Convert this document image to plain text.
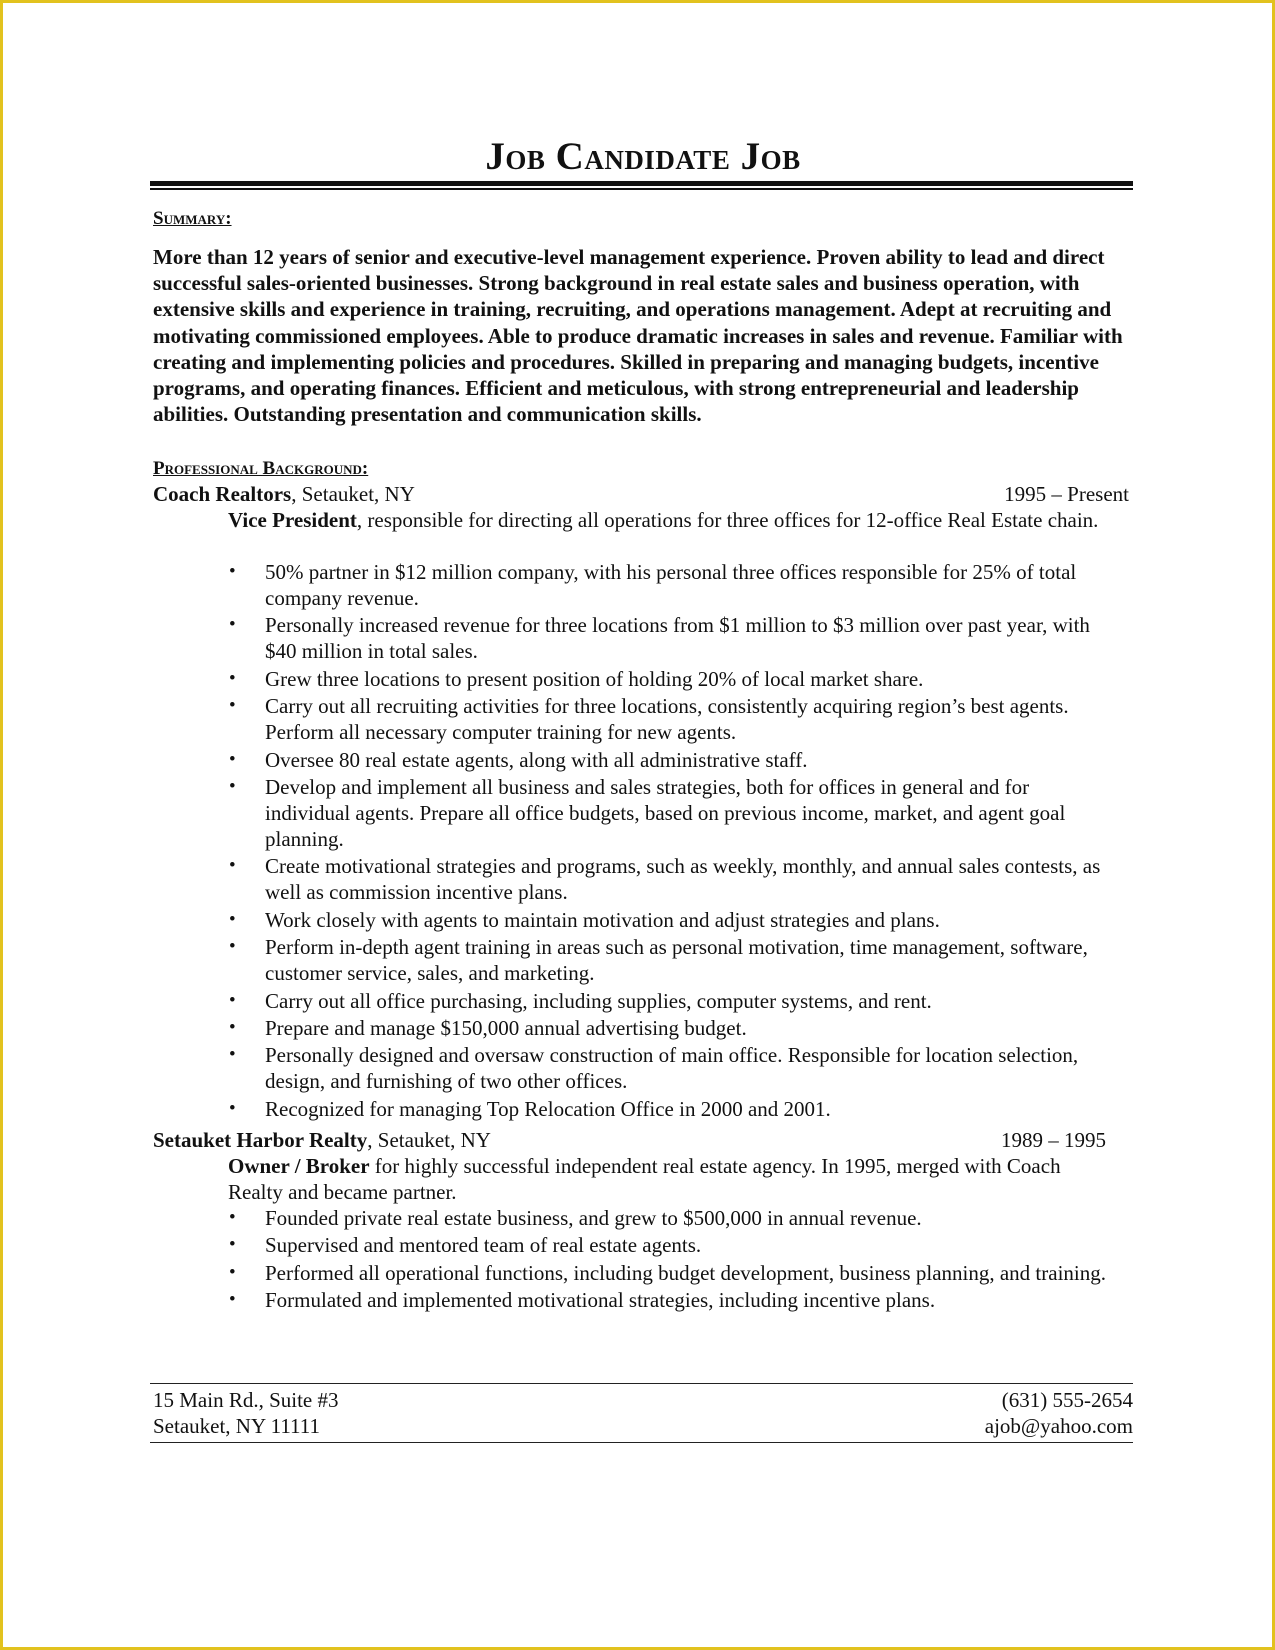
Job Candidate Job
Summary:
More than 12 years of senior and executive-level management experience. Proven ability to lead and direct successful sales-oriented businesses. Strong background in real estate sales and business operation, with extensive skills and experience in training, recruiting, and operations management. Adept at recruiting and motivating commissioned employees. Able to produce dramatic increases in sales and revenue. Familiar with creating and implementing policies and procedures. Skilled in preparing and managing budgets, incentive programs, and operating finances. Efficient and meticulous, with strong entrepreneurial and leadership abilities. Outstanding presentation and communication skills.
Professional Background:
Coach Realtors, Setauket, NY	1995 – Present
Vice President, responsible for directing all operations for three offices for 12-office Real Estate chain.
• 50% partner in $12 million company, with his personal three offices responsible for 25% of total company revenue.
• Personally increased revenue for three locations from $1 million to $3 million over past year, with $40 million in total sales.
• Grew three locations to present position of holding 20% of local market share.
• Carry out all recruiting activities for three locations, consistently acquiring region’s best agents. Perform all necessary computer training for new agents.
• Oversee 80 real estate agents, along with all administrative staff.
• Develop and implement all business and sales strategies, both for offices in general and for individual agents. Prepare all office budgets, based on previous income, market, and agent goal planning.
• Create motivational strategies and programs, such as weekly, monthly, and annual sales contests, as well as commission incentive plans.
• Work closely with agents to maintain motivation and adjust strategies and plans.
• Perform in-depth agent training in areas such as personal motivation, time management, software, customer service, sales, and marketing.
• Carry out all office purchasing, including supplies, computer systems, and rent.
• Prepare and manage $150,000 annual advertising budget.
• Personally designed and oversaw construction of main office. Responsible for location selection, design, and furnishing of two other offices.
• Recognized for managing Top Relocation Office in 2000 and 2001.
Setauket Harbor Realty, Setauket, NY	1989 – 1995
Owner / Broker for highly successful independent real estate agency. In 1995, merged with Coach Realty and became partner.
• Founded private real estate business, and grew to $500,000 in annual revenue.
• Supervised and mentored team of real estate agents.
• Performed all operational functions, including budget development, business planning, and training.
• Formulated and implemented motivational strategies, including incentive plans.
15 Main Rd., Suite #3	(631) 555-2654
Setauket, NY 11111	ajob@yahoo.com
